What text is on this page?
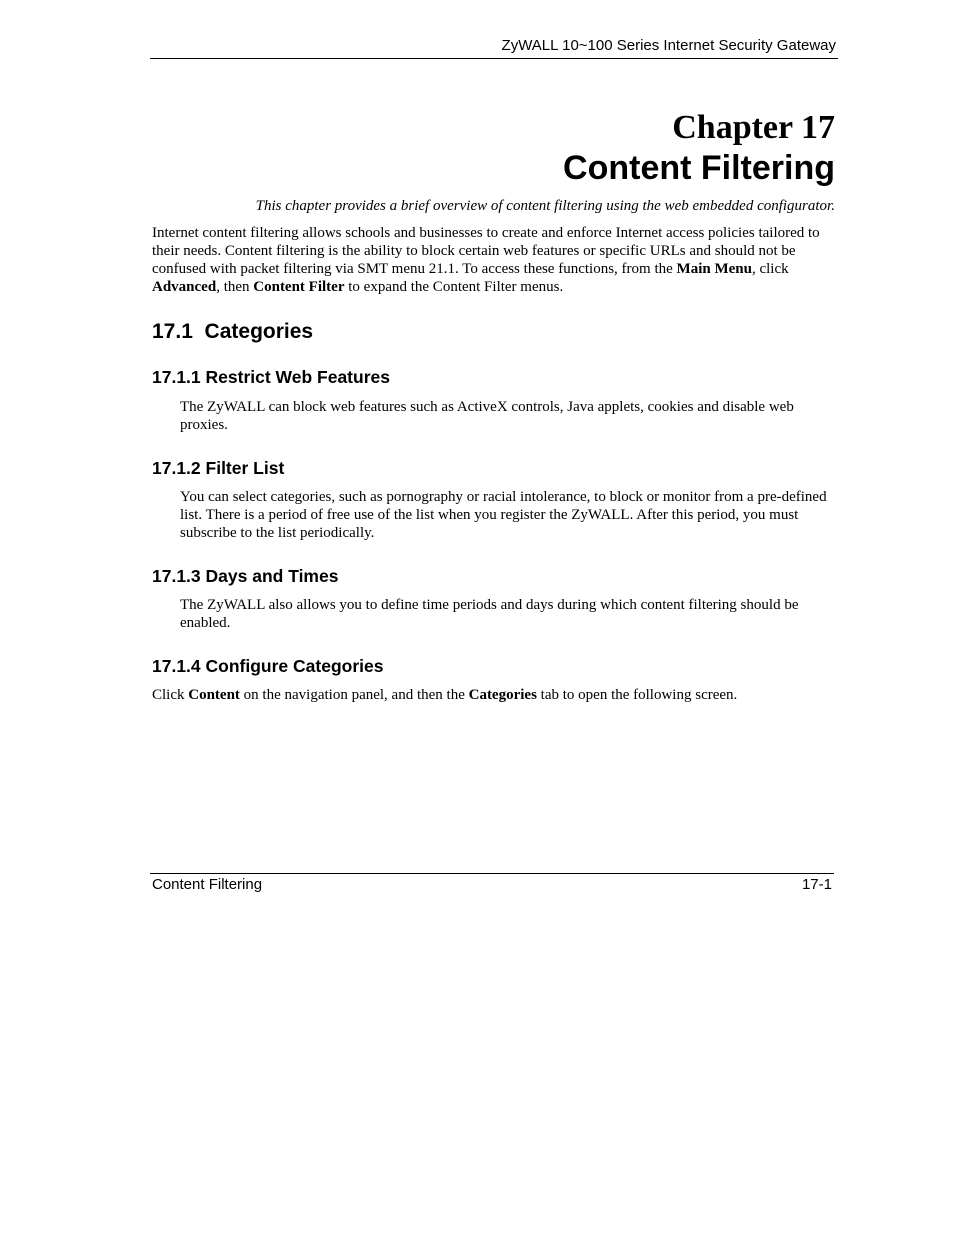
ZyWALL 10~100 Series Internet Security Gateway
Chapter 17
Content Filtering

This chapter provides a brief overview of content filtering using the web embedded configurator.

Internet content filtering allows schools and businesses to create and enforce Internet access policies tailored to their needs. Content filtering is the ability to block certain web features or specific URLs and should not be confused with packet filtering via SMT menu 21.1. To access these functions, from the Main Menu, click Advanced, then Content Filter to expand the Content Filter menus.

17.1 Categories
17.1.1 Restrict Web Features

The ZyWALL can block web features such as ActiveX controls, Java applets, cookies and disable web proxies.

17.1.2 Filter List

You can select categories, such as pornography or racial intolerance, to block or monitor from a pre-defined list. There is a period of free use of the list when you register the ZyWALL. After this period, you must subscribe to the list periodically.

17.1.3 Days and Times

The ZyWALL also allows you to define time periods and days during which content filtering should be enabled.

17.1.4 Configure Categories

Click Content on the navigation panel, and then the Categories tab to open the following screen.

Content Filtering	17-1
